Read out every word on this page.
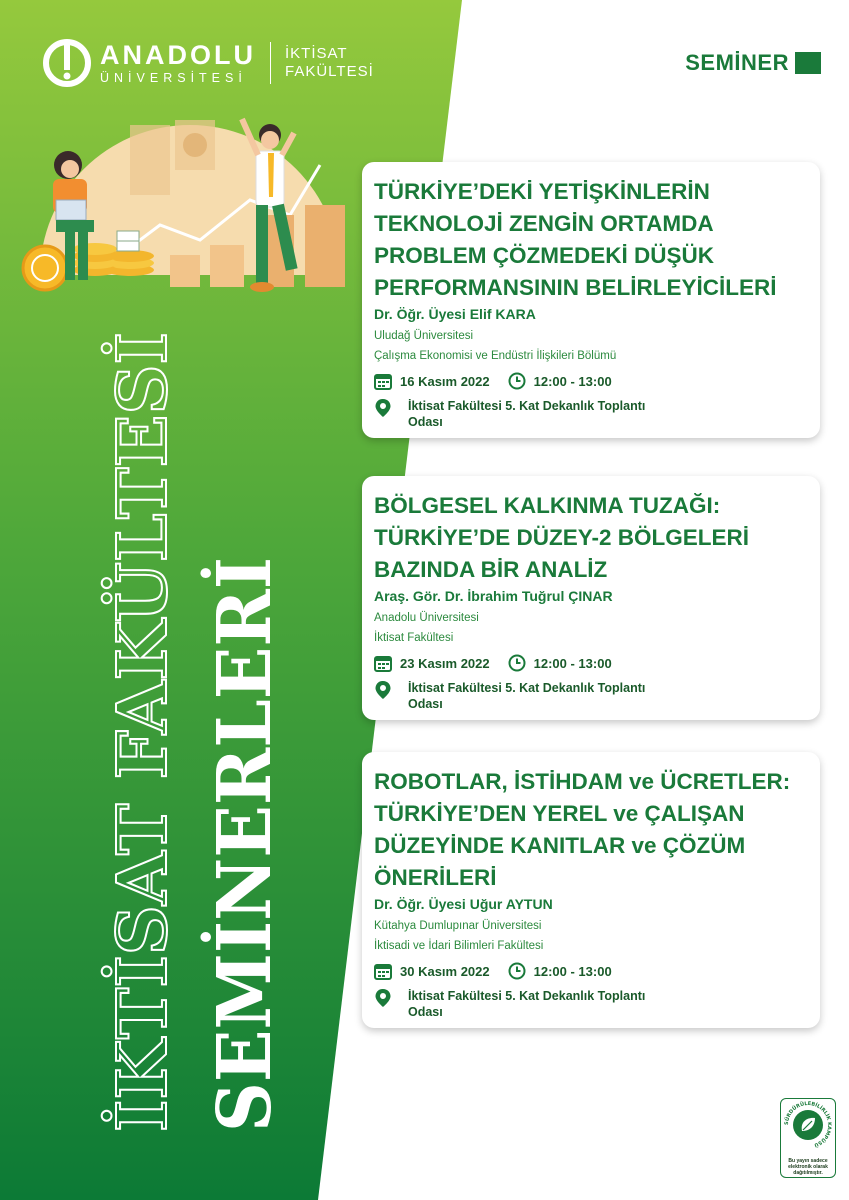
ANADOLU
ÜNİVERSİTESİ
İKTİSAT
FAKÜLTESİ	SEMİNER
İKTİSAT FAKÜLTESİ SEMİNERLERİ
TÜRKİYE’DEKİ YETİŞKİNLERİN
TEKNOLOJİ ZENGİN ORTAMDA
PROBLEM ÇÖZMEDEKİ DÜŞÜK
PERFORMANSININ BELİRLEYİCİLERİ
Dr. Öğr. Üyesi Elif KARA
Uludağ Üniversitesi
Çalışma Ekonomisi ve Endüstri İlişkileri Bölümü
16 Kasım 2022	12:00 - 13:00
İktisat Fakültesi 5. Kat Dekanlık Toplantı
Odası
BÖLGESEL KALKINMA TUZAĞI:
TÜRKİYE’DE DÜZEY-2 BÖLGELERİ
BAZINDA BİR ANALİZ
Araş. Gör. Dr. İbrahim Tuğrul ÇINAR
Anadolu Üniversitesi
İktisat Fakültesi
23 Kasım 2022	12:00 - 13:00
İktisat Fakültesi 5. Kat Dekanlık Toplantı
Odası
ROBOTLAR, İSTİHDAM ve ÜCRETLER:
TÜRKİYE’DEN YEREL ve ÇALIŞAN
DÜZEYİNDE KANITLAR ve ÇÖZÜM
ÖNERİLERİ
Dr. Öğr. Üyesi Uğur AYTUN
Kütahya Dumlupınar Üniversitesi
İktisadi ve İdari Bilimleri Fakültesi
30 Kasım 2022	12:00 - 13:00
İktisat Fakültesi 5. Kat Dekanlık Toplantı
Odası
SÜRDÜRÜLEBİLİRLİK KAMPÜSÜ
Bu yayın sadece
elektronik olarak
dağıtılmıştır.
